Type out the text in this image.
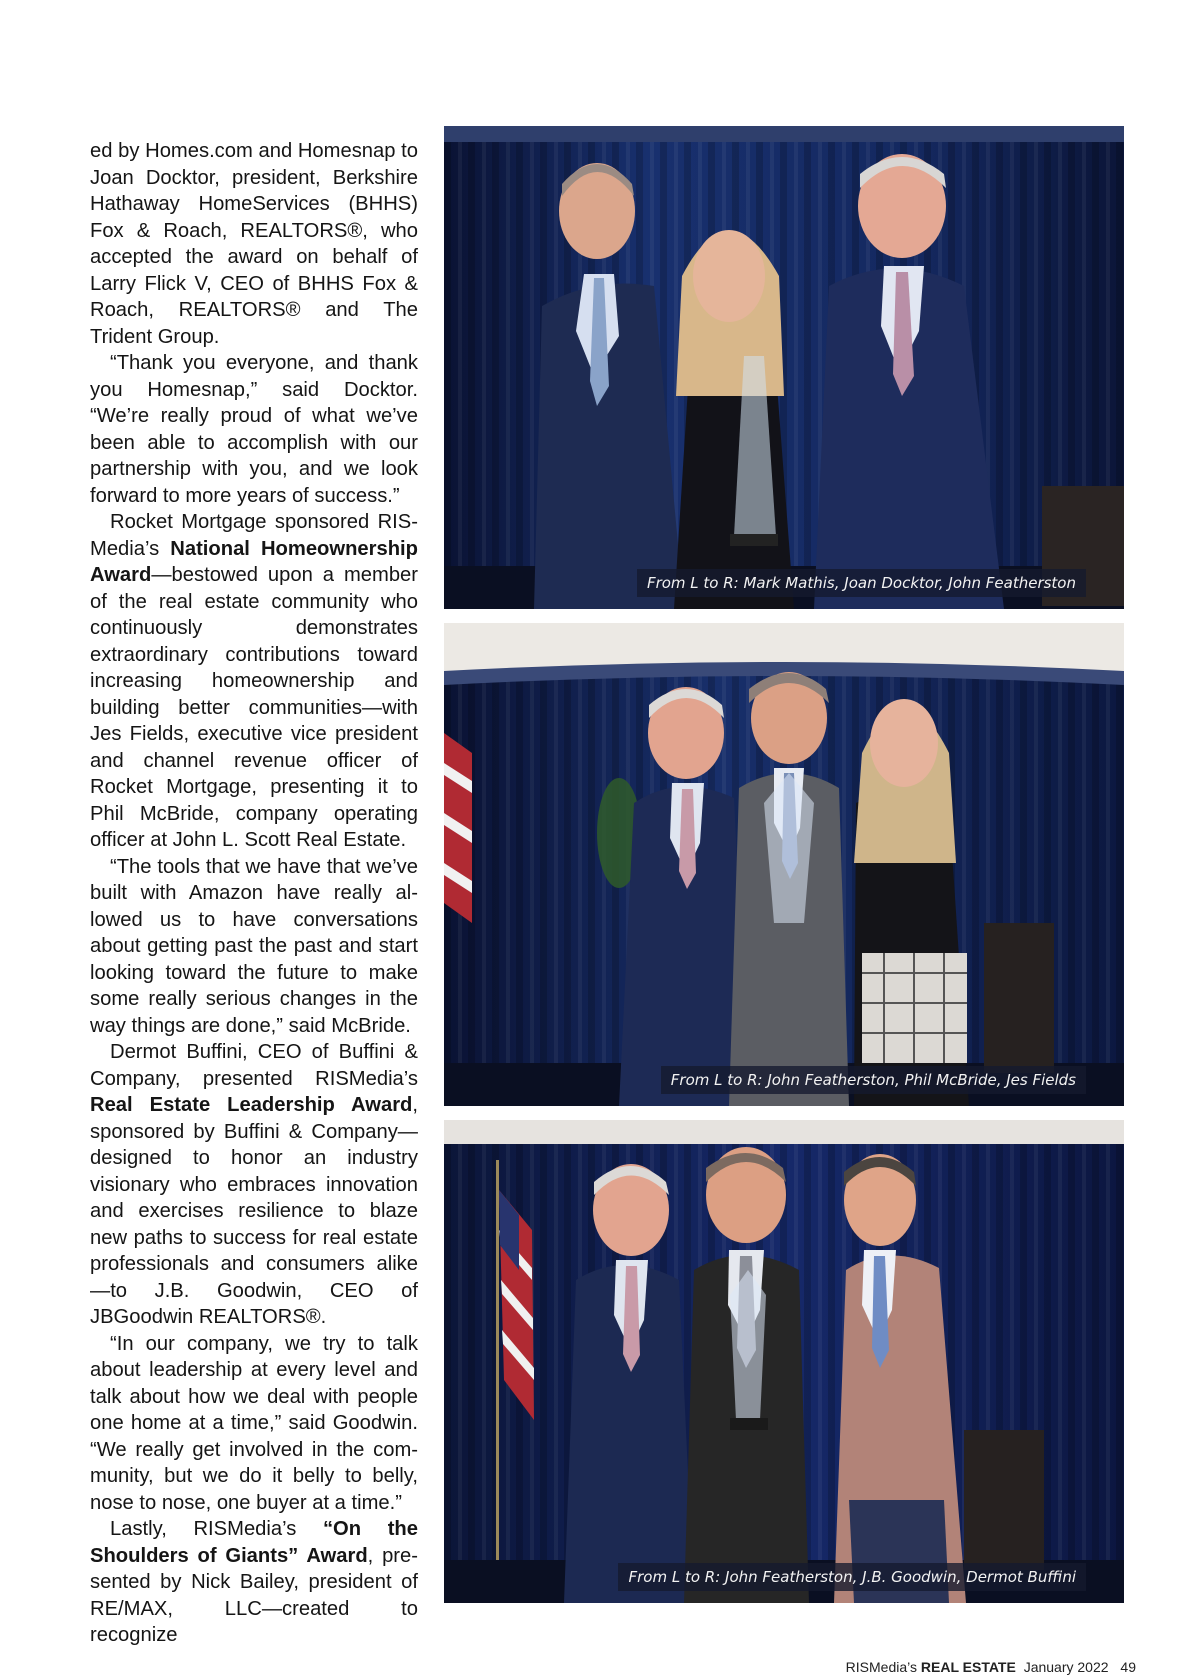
ed by Homes.com and Homesnap to Joan Docktor, president, Berkshire Hathaway HomeServices (BHHS) Fox & Roach, REALTORS®, who accepted the award on behalf of Larry Flick V, CEO of BHHS Fox & Roach, REALTORS® and The Trident Group.

“Thank you everyone, and thank you Homesnap,” said Docktor. “We’re really proud of what we’ve been able to accomplish with our partnership with you, and we look forward to more years of success.”

Rocket Mortgage sponsored RISMedia’s National Homeownership Award—bestowed upon a member of the real estate community who continuously demonstrates extraordinary contributions toward increasing homeownership and building better communities—with Jes Fields, executive vice president and channel revenue officer of Rocket Mortgage, presenting it to Phil McBride, company operating officer at John L. Scott Real Estate.

“The tools that we have that we’ve built with Amazon have really allowed us to have conversations about getting past the past and start looking toward the future to make some really serious changes in the way things are done,” said McBride.

Dermot Buffini, CEO of Buffini & Company, presented RISMedia’s Real Estate Leadership Award, sponsored by Buffini & Company—designed to honor an industry visionary who embraces innovation and exercises resilience to blaze new paths to success for real estate professionals and consumers alike—to J.B. Goodwin, CEO of JBGoodwin REALTORS®.

“In our company, we try to talk about leadership at every level and talk about how we deal with people one home at a time,” said Goodwin. “We really get involved in the community, but we do it belly to belly, nose to nose, one buyer at a time.”

Lastly, RISMedia’s “On the Shoulders of Giants” Award, presented by Nick Bailey, president of RE/MAX, LLC—created to recognize

From L to R: Mark Mathis, Joan Docktor, John Featherston
From L to R: John Featherston, Phil McBride, Jes Fields
From L to R: John Featherston, J.B. Goodwin, Dermot Buffini
RISMedia’s REAL ESTATE January 2022 49
